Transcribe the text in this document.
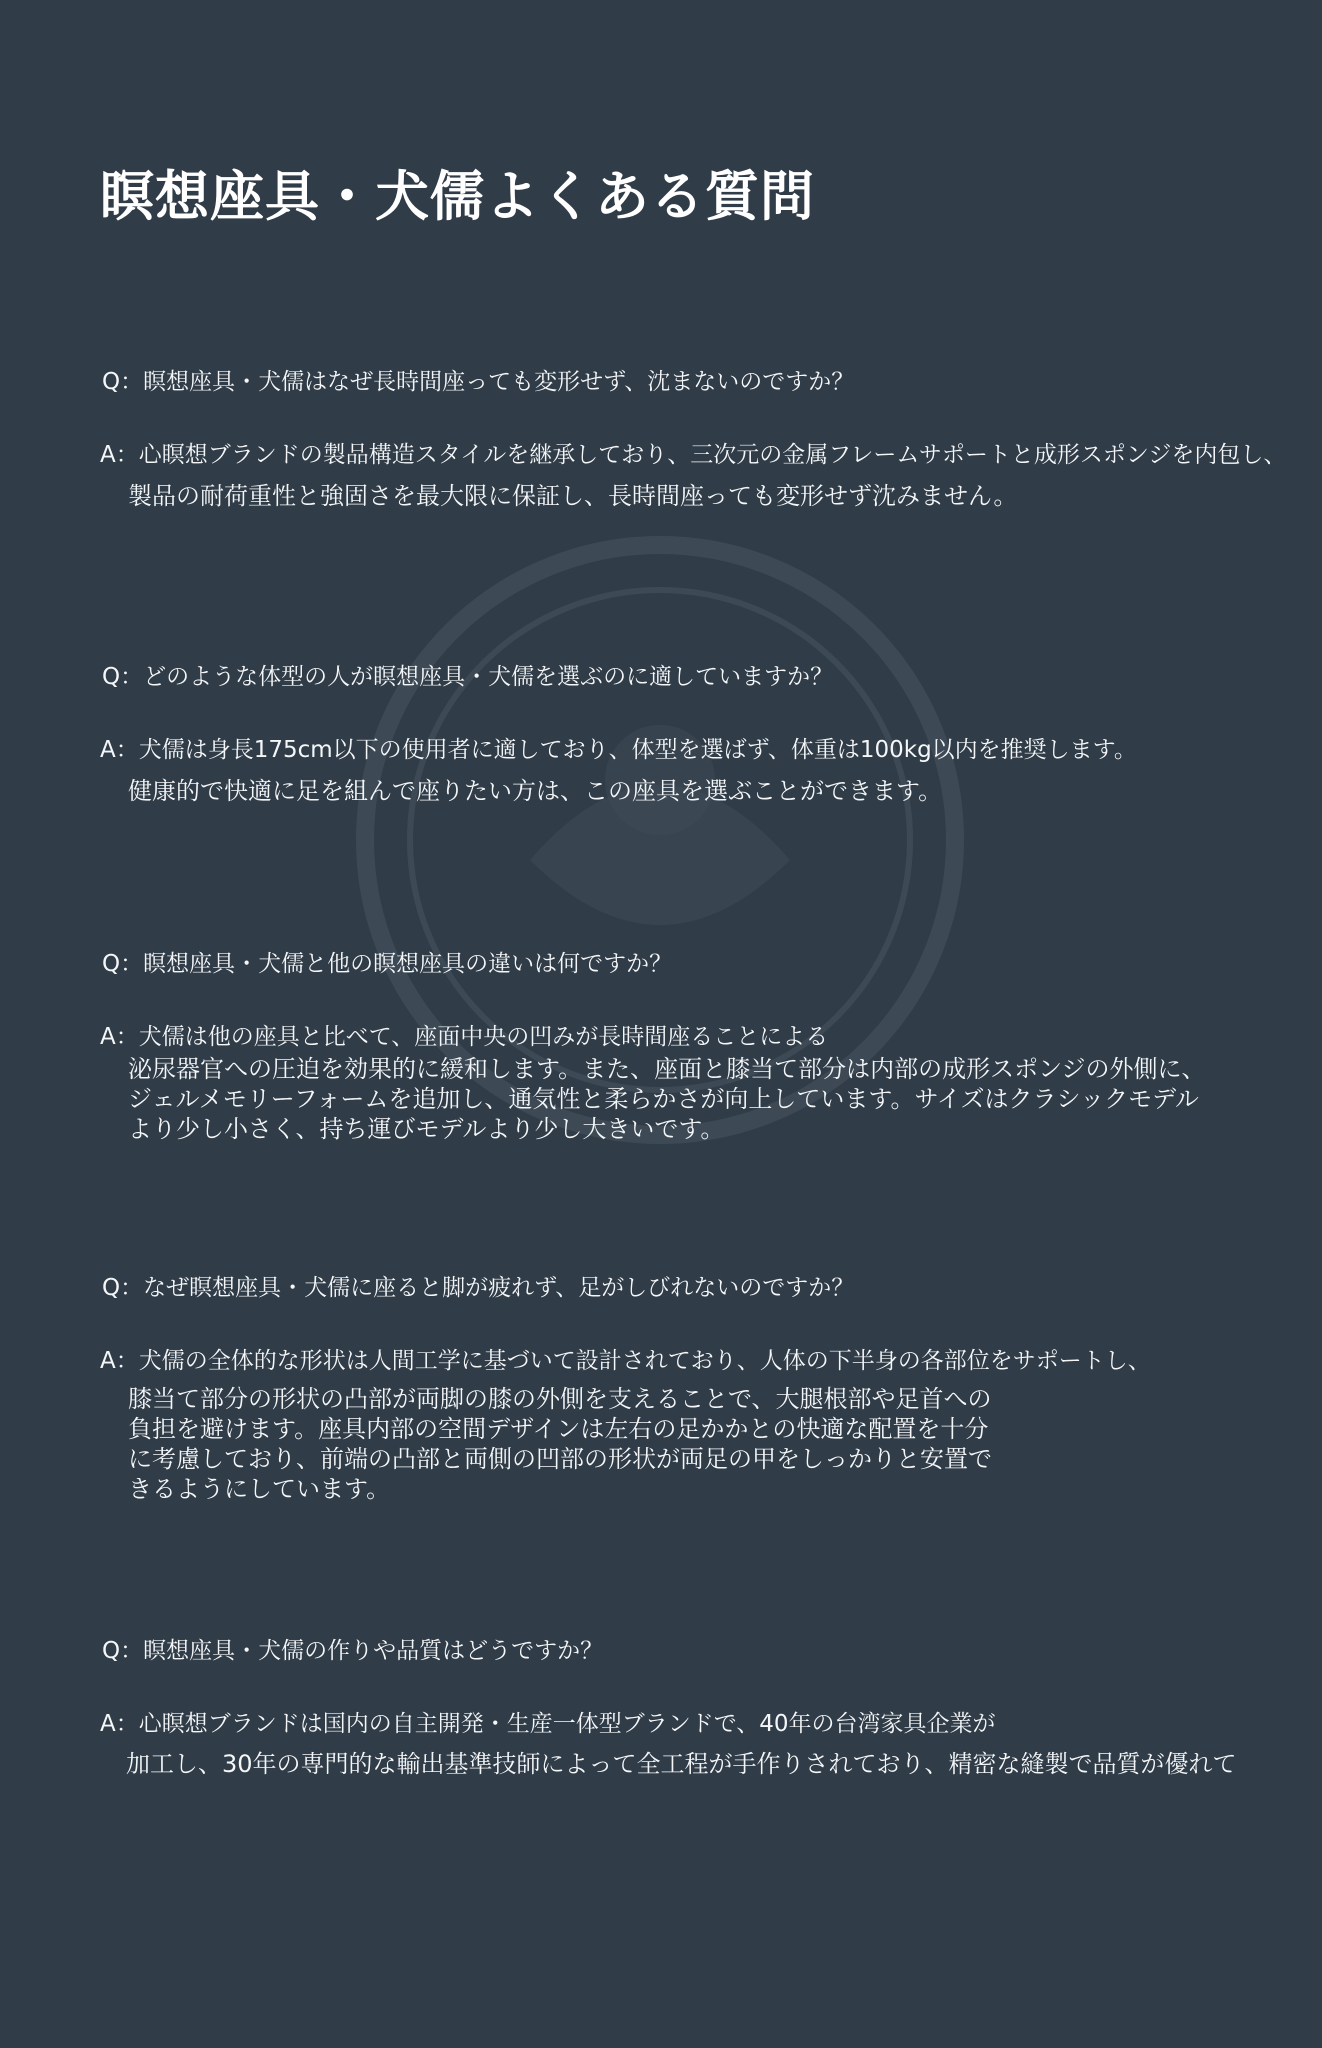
瞑想座具・犬儒よくある質問
Q：瞑想座具・犬儒はなぜ長時間座っても変形せず、沈まないのですか？
A：心瞑想ブランドの製品構造スタイルを継承しており、三次元の金属フレームサポートと成形スポンジを内包し、
製品の耐荷重性と強固さを最大限に保証し、長時間座っても変形せず沈みません。
Q：どのような体型の人が瞑想座具・犬儒を選ぶのに適していますか？
A：犬儒は身長175cm以下の使用者に適しており、体型を選ばず、体重は100kg以内を推奨します。
健康的で快適に足を組んで座りたい方は、この座具を選ぶことができます。
Q：瞑想座具・犬儒と他の瞑想座具の違いは何ですか？
A：犬儒は他の座具と比べて、座面中央の凹みが長時間座ることによる
泌尿器官への圧迫を効果的に緩和します。また、座面と膝当て部分は内部の成形スポンジの外側に、
ジェルメモリーフォームを追加し、通気性と柔らかさが向上しています。サイズはクラシックモデル
より少し小さく、持ち運びモデルより少し大きいです。
Q：なぜ瞑想座具・犬儒に座ると脚が疲れず、足がしびれないのですか？
A：犬儒の全体的な形状は人間工学に基づいて設計されており、人体の下半身の各部位をサポートし、
膝当て部分の形状の凸部が両脚の膝の外側を支えることで、大腿根部や足首への
負担を避けます。座具内部の空間デザインは左右の足かかとの快適な配置を十分
に考慮しており、前端の凸部と両側の凹部の形状が両足の甲をしっかりと安置で
きるようにしています。
Q：瞑想座具・犬儒の作りや品質はどうですか？
A：心瞑想ブランドは国内の自主開発・生産一体型ブランドで、40年の台湾家具企業が
加工し、30年の専門的な輸出基準技師によって全工程が手作りされており、精密な縫製で品質が優れて
